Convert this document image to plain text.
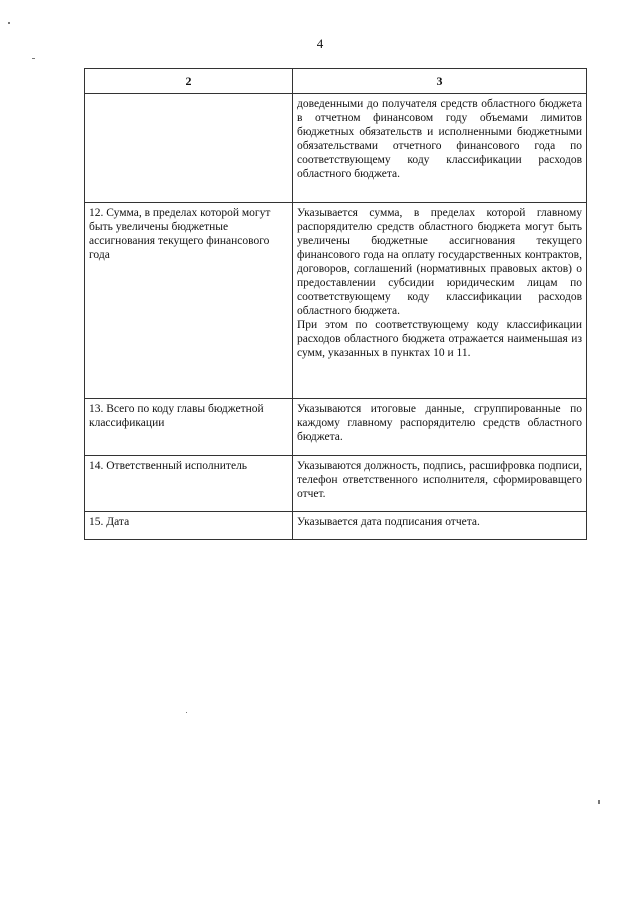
4
2	3

	доведенными до получателя средств областного бюджета в отчетном финансовом году объемами лимитов бюджетных обязательств и исполненными бюджетными обязательствами отчетного финансового года по соответствующему коду классификации расходов областного бюджета.

12. Сумма, в пределах которой могут быть увеличены бюджетные ассигнования текущего финансового года	Указывается сумма, в пределах которой главному распорядителю средств областного бюджета могут быть увеличены бюджетные ассигнования текущего финансового года на оплату государственных контрактов, договоров, соглашений (нормативных правовых актов) о предоставлении субсидии юридическим лицам по соответствующему коду классификации расходов областного бюджета.

При этом по соответствующему коду классификации расходов областного бюджета отражается наименьшая из сумм, указанных в пунктах 10 и 11.

13. Всего по коду главы бюджетной классификации	Указываются итоговые данные, сгруппированные по каждому главному распорядителю средств областного бюджета.

14. Ответственный исполнитель	Указываются должность, подпись, расшифровка подписи, телефон ответственного исполнителя, сформировавщего отчет.

15. Дата	Указывается дата подписания отчета.
